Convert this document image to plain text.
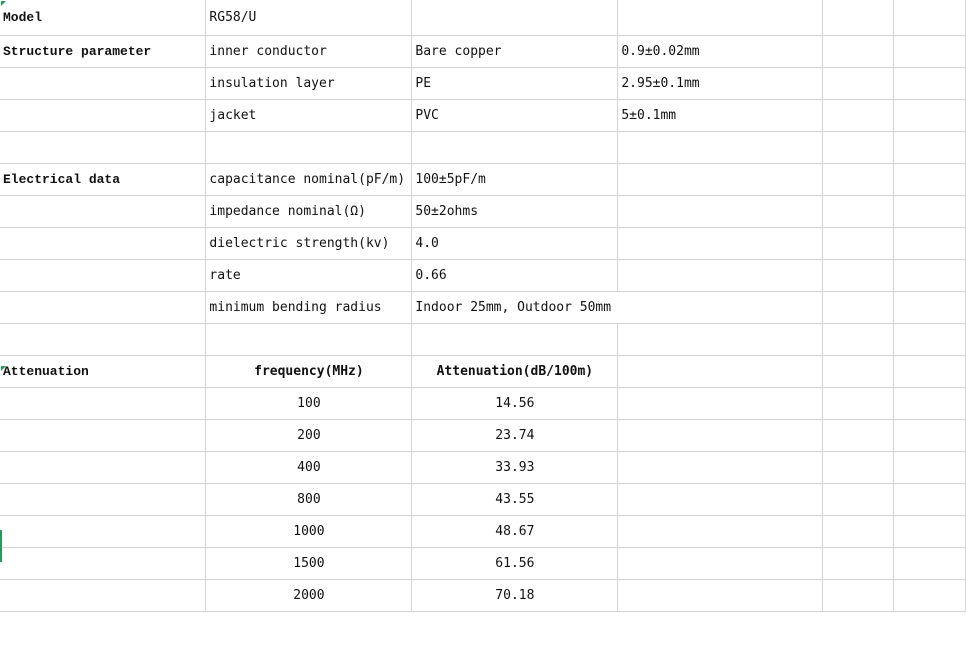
Model	RG58/U				
Structure parameter	inner conductor	Bare copper	0.9±0.02mm		
	insulation layer	PE	2.95±0.1mm		
	jacket	PVC	5±0.1mm		

Electrical data	capacitance nominal(pF/m)	100±5pF/m			
	impedance nominal(Ω)	50±2ohms			
	dielectric strength(kv)	4.0			
	rate	0.66			
	minimum bending radius	Indoor 25mm, Outdoor 50mm			

Attenuation	frequency(MHz)	Attenuation(dB/100m)			
	100	14.56			
	200	23.74			
	400	33.93			
	800	43.55			
	1000	48.67			
	1500	61.56			
	2000	70.18			
